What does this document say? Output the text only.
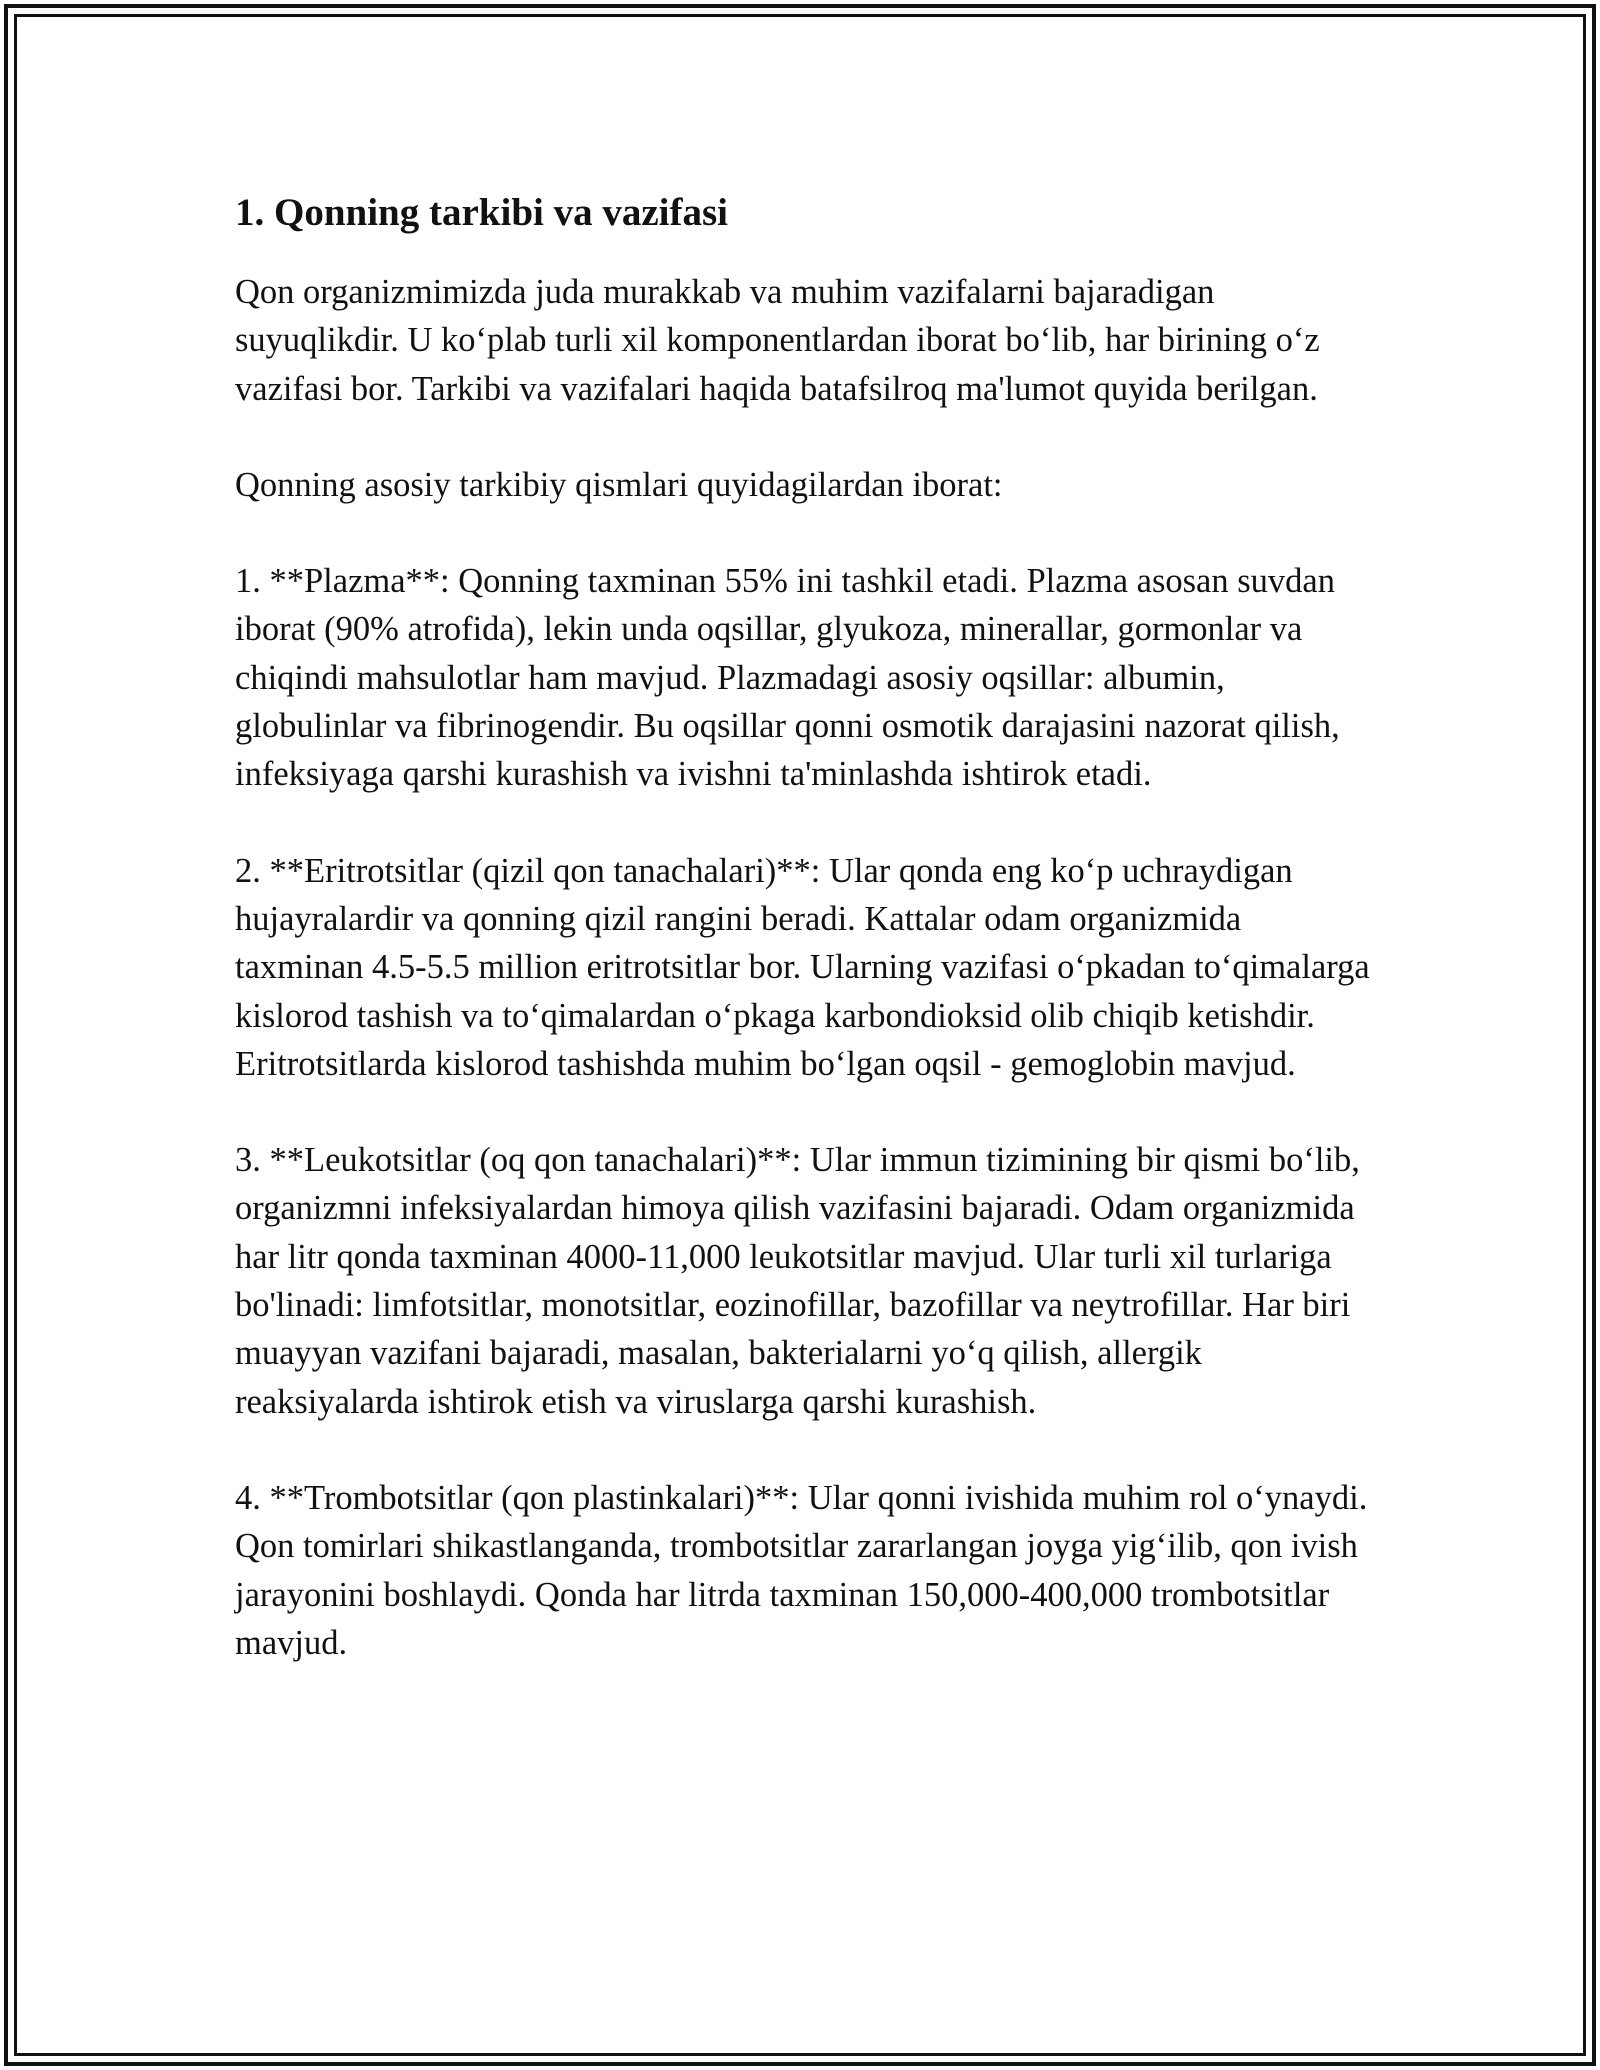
1. Qonning tarkibi va vazifasi

Qon organizmimizda juda murakkab va muhim vazifalarni bajaradigan suyuqlikdir. U ko‘plab turli xil komponentlardan iborat bo‘lib, har birining o‘z vazifasi bor. Tarkibi va vazifalari haqida batafsilroq ma'lumot quyida berilgan.

Qonning asosiy tarkibiy qismlari quyidagilardan iborat:

1. **Plazma**: Qonning taxminan 55% ini tashkil etadi. Plazma asosan suvdan iborat (90% atrofida), lekin unda oqsillar, glyukoza, minerallar, gormonlar va chiqindi mahsulotlar ham mavjud. Plazmadagi asosiy oqsillar: albumin, globulinlar va fibrinogendir. Bu oqsillar qonni osmotik darajasini nazorat qilish, infeksiyaga qarshi kurashish va ivishni ta'minlashda ishtirok etadi.

2. **Eritrotsitlar (qizil qon tanachalari)**: Ular qonda eng ko‘p uchraydigan hujayralardir va qonning qizil rangini beradi. Kattalar odam organizmida taxminan 4.5-5.5 million eritrotsitlar bor. Ularning vazifasi o‘pkadan to‘qimalarga kislorod tashish va to‘qimalardan o‘pkaga karbondioksid olib chiqib ketishdir. Eritrotsitlarda kislorod tashishda muhim bo‘lgan oqsil - gemoglobin mavjud.

3. **Leukotsitlar (oq qon tanachalari)**: Ular immun tizimining bir qismi bo‘lib, organizmni infeksiyalardan himoya qilish vazifasini bajaradi. Odam organizmida har litr qonda taxminan 4000-11,000 leukotsitlar mavjud. Ular turli xil turlariga bo'linadi: limfotsitlar, monotsitlar, eozinofillar, bazofillar va neytrofillar. Har biri muayyan vazifani bajaradi, masalan, bakterialarni yo‘q qilish, allergik reaksiyalarda ishtirok etish va viruslarga qarshi kurashish.

4. **Trombotsitlar (qon plastinkalari)**: Ular qonni ivishida muhim rol o‘ynaydi. Qon tomirlari shikastlanganda, trombotsitlar zararlangan joyga yig‘ilib, qon ivish jarayonini boshlaydi. Qonda har litrda taxminan 150,000-400,000 trombotsitlar mavjud.
